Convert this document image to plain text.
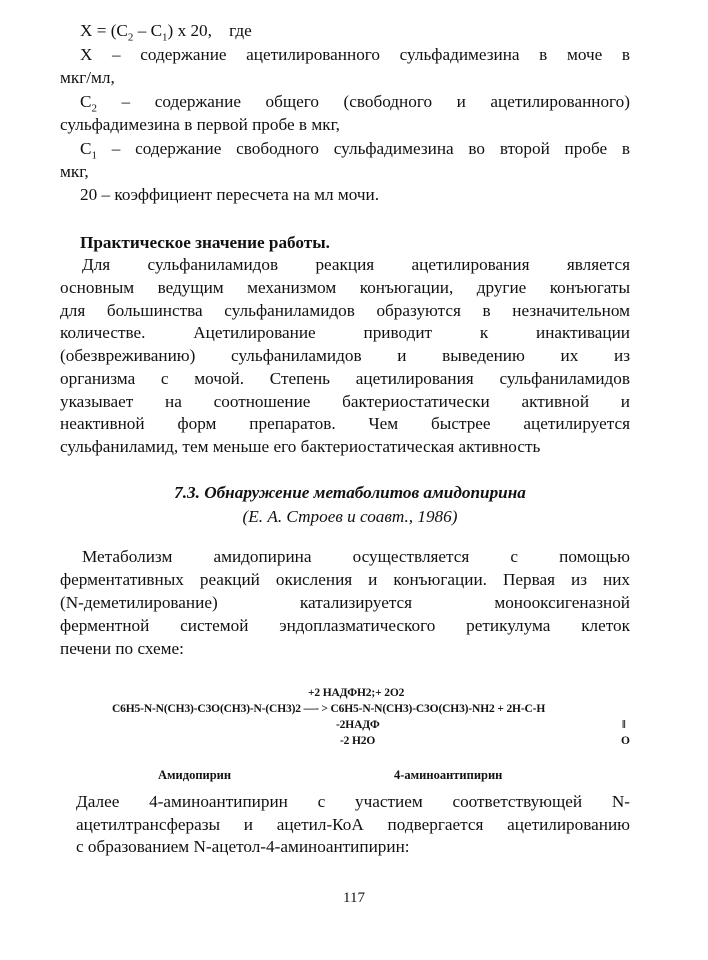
$X = (C_2 - C_1)$ x 20,    где
X – содержание ацетилированного сульфадимезина в моче в
мкг/мл,
$C_2$ – содержание общего (свободного и ацетилированного)
сульфадимезина в первой пробе в мкг,
$C_1$ – содержание свободного сульфадимезина во второй пробе в
мкг,
20 – коэффициент пересчета на мл мочи.
Практическое значение работы.
Для сульфаниламидов реакция ацетилирования является
основным ведущим механизмом конъюгации, другие конъюгаты
для большинства сульфаниламидов образуются в незначительном
количестве. Ацетилирование приводит к инактивации
(обезвреживанию) сульфаниламидов и выведению их из
организма с мочой. Степень ацетилирования сульфаниламидов
указывает на соотношение бактериостатически активной и
неактивной форм препаратов. Чем быстрее ацетилируется
сульфаниламид, тем меньше его бактериостатическая активность
7.3. Обнаружение метаболитов амидопирина
(Е. А. Строев и соавт., 1986)
Метаболизм амидопирина осуществляется с помощью
ферментативных реакций окисления и конъюгации. Первая из них
(N-деметилирование) катализируется монооксигеназной
ферментной системой эндоплазматического ретикулума клеток
печени по схеме:
+2 НАДФН2;+ 2О2
C6H5-N-N(CH3)-C3O(CH3)-N-(CH3)2 —- > C6H5-N-N(CH3)-C3O(CH3)-NH2 + 2H-C-H
-2НАДФ	‖
-2 H2O	O
Амидопирин	4-аминоантипирин
Далее 4-аминоантипирин с участием соответствующей N-
ацетилтрансферазы и ацетил-КоА подвергается ацетилированию
с образованием N-ацетол-4-аминоантипирин:
117
